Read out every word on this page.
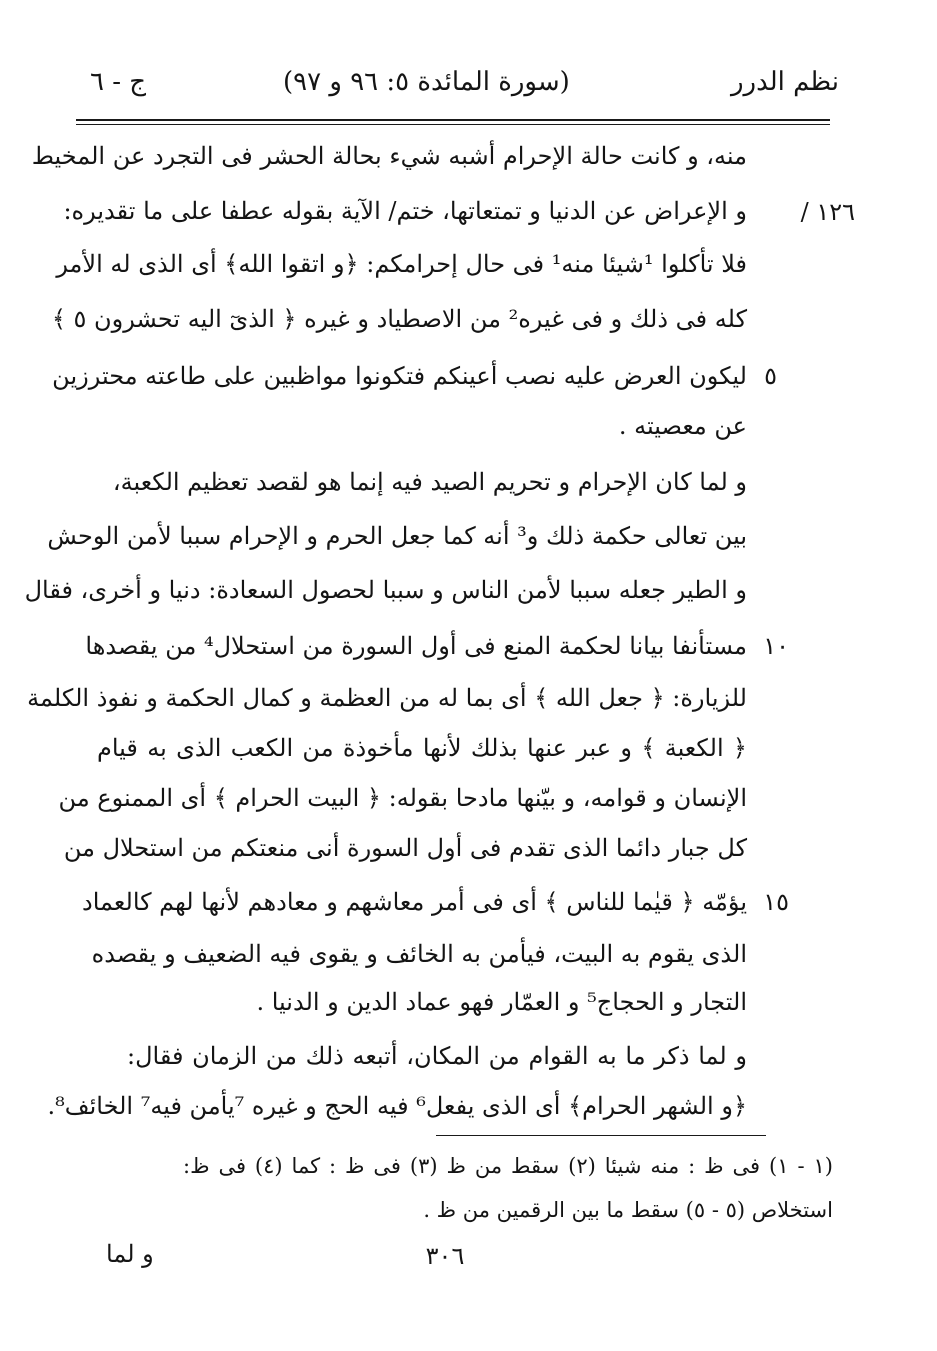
نظم الدرر
(سورة المائدة ٥: ٩٦ و ٩٧)
ج - ٦
١٢٦ /
٥
١٠
١٥
منه، و كانت حالة الإحرام أشبه شيء بحالة الحشر فى التجرد عن المخيط
و الإعراض عن الدنيا و تمتعاتها، ختم/ الآية بقوله عطفا على ما تقديره:
فلا تأكلوا ¹شيئا منه¹ فى حال إحرامكم: ﴿و اتقوا الله﴾ أى الذى له الأمر
كله فى ذلك و فى غيره² من الاصطياد و غيره ﴿ الذىٓ اليه تحشرون ٥ ﴾
ليكون العرض عليه نصب أعينكم فتكونوا مواظبين على طاعته محترزين
عن معصيته .
و لما كان الإحرام و تحريم الصيد فيه إنما هو لقصد تعظيم الكعبة،
بين تعالى حكمة ذلك و³ أنه كما جعل الحرم و الإحرام سببا لأمن الوحش
و الطير جعله سببا لأمن الناس و سببا لحصول السعادة: دنيا و أخرى، فقال
مستأنفا بيانا لحكمة المنع فى أول السورة من استحلال⁴ من يقصدها
للزيارة: ﴿ جعل الله ﴾ أى بما له من العظمة و كمال الحكمة و نفوذ الكلمة
﴿ الكعبة ﴾ و عبر عنها بذلك لأنها مأخوذة من الكعب الذى به قيام
الإنسان و قوامه، و بيّنها مادحا بقوله: ﴿ البيت الحرام ﴾ أى الممنوع من
كل جبار دائما الذى تقدم فى أول السورة أنى منعتكم من استحلال من
يؤمّه ﴿ قيٰما للناس ﴾ أى فى أمر معاشهم و معادهم لأنها لهم كالعماد
الذى يقوم به البيت، فيأمن به الخائف و يقوى فيه الضعيف و يقصده
التجار و الحجاج⁵ و العمّار فهو عماد الدين و الدنيا .
و لما ذكر ما به القوام من المكان، أتبعه ذلك من الزمان فقال:
﴿و الشهر الحرام﴾ أى الذى يفعل⁶ فيه الحج و غيره ⁷يأمن فيه⁷ الخائف⁸.
(١ - ١) فى ظ : منه شيئا (٢) سقط من ظ (٣) فى ظ : كما (٤) فى ظ:
استخلاص (٥ - ٥) سقط ما بين الرقمين من ظ .
٣٠٦
و لما
